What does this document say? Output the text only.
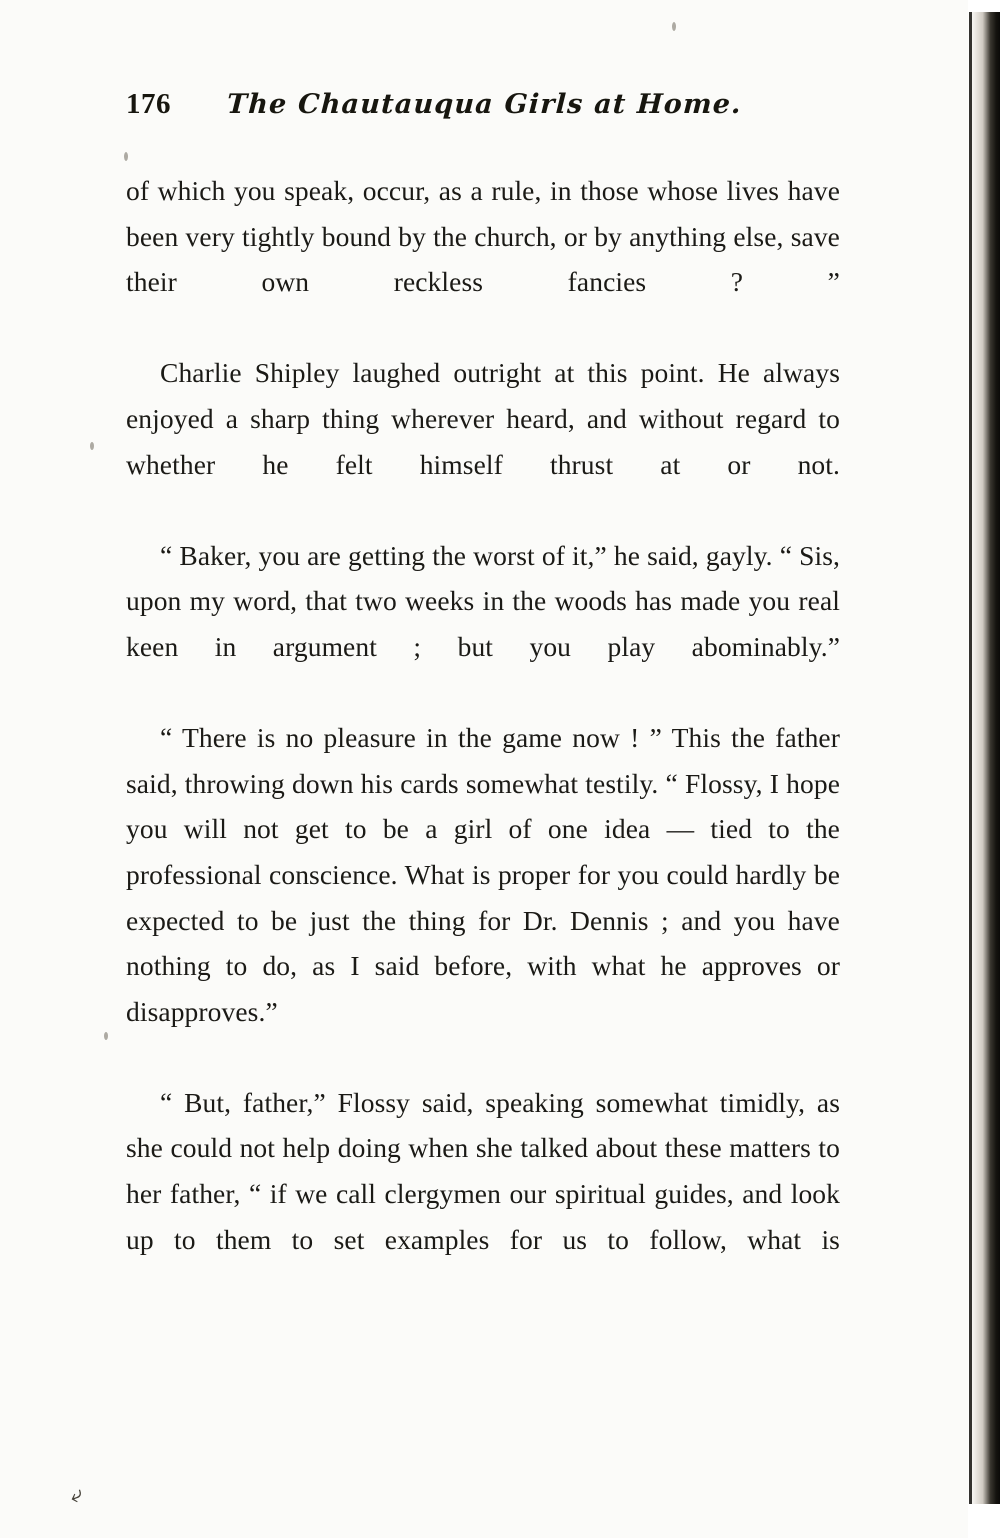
176 The Chautauqua Girls at Home.

of which you speak, occur, as a rule, in those whose lives have been very tightly bound by the church, or by anything else, save their own reckless fancies ? ”

Charlie Shipley laughed outright at this point. He always enjoyed a sharp thing wherever heard, and without regard to whether he felt himself thrust at or not.

“ Baker, you are getting the worst of it,” he said, gayly. “ Sis, upon my word, that two weeks in the woods has made you real keen in argument ; but you play abominably.”

“ There is no pleasure in the game now ! ” This the father said, throwing down his cards somewhat testily. “ Flossy, I hope you will not get to be a girl of one idea — tied to the professional conscience. What is proper for you could hardly be expected to be just the thing for Dr. Dennis ; and you have nothing to do, as I said before, with what he approves or disapproves.”

“ But, father,” Flossy said, speaking somewhat timidly, as she could not help doing when she talked about these matters to her father, “ if we call clergymen our spiritual guides, and look up to them to set examples for us to follow, what is

⤶
